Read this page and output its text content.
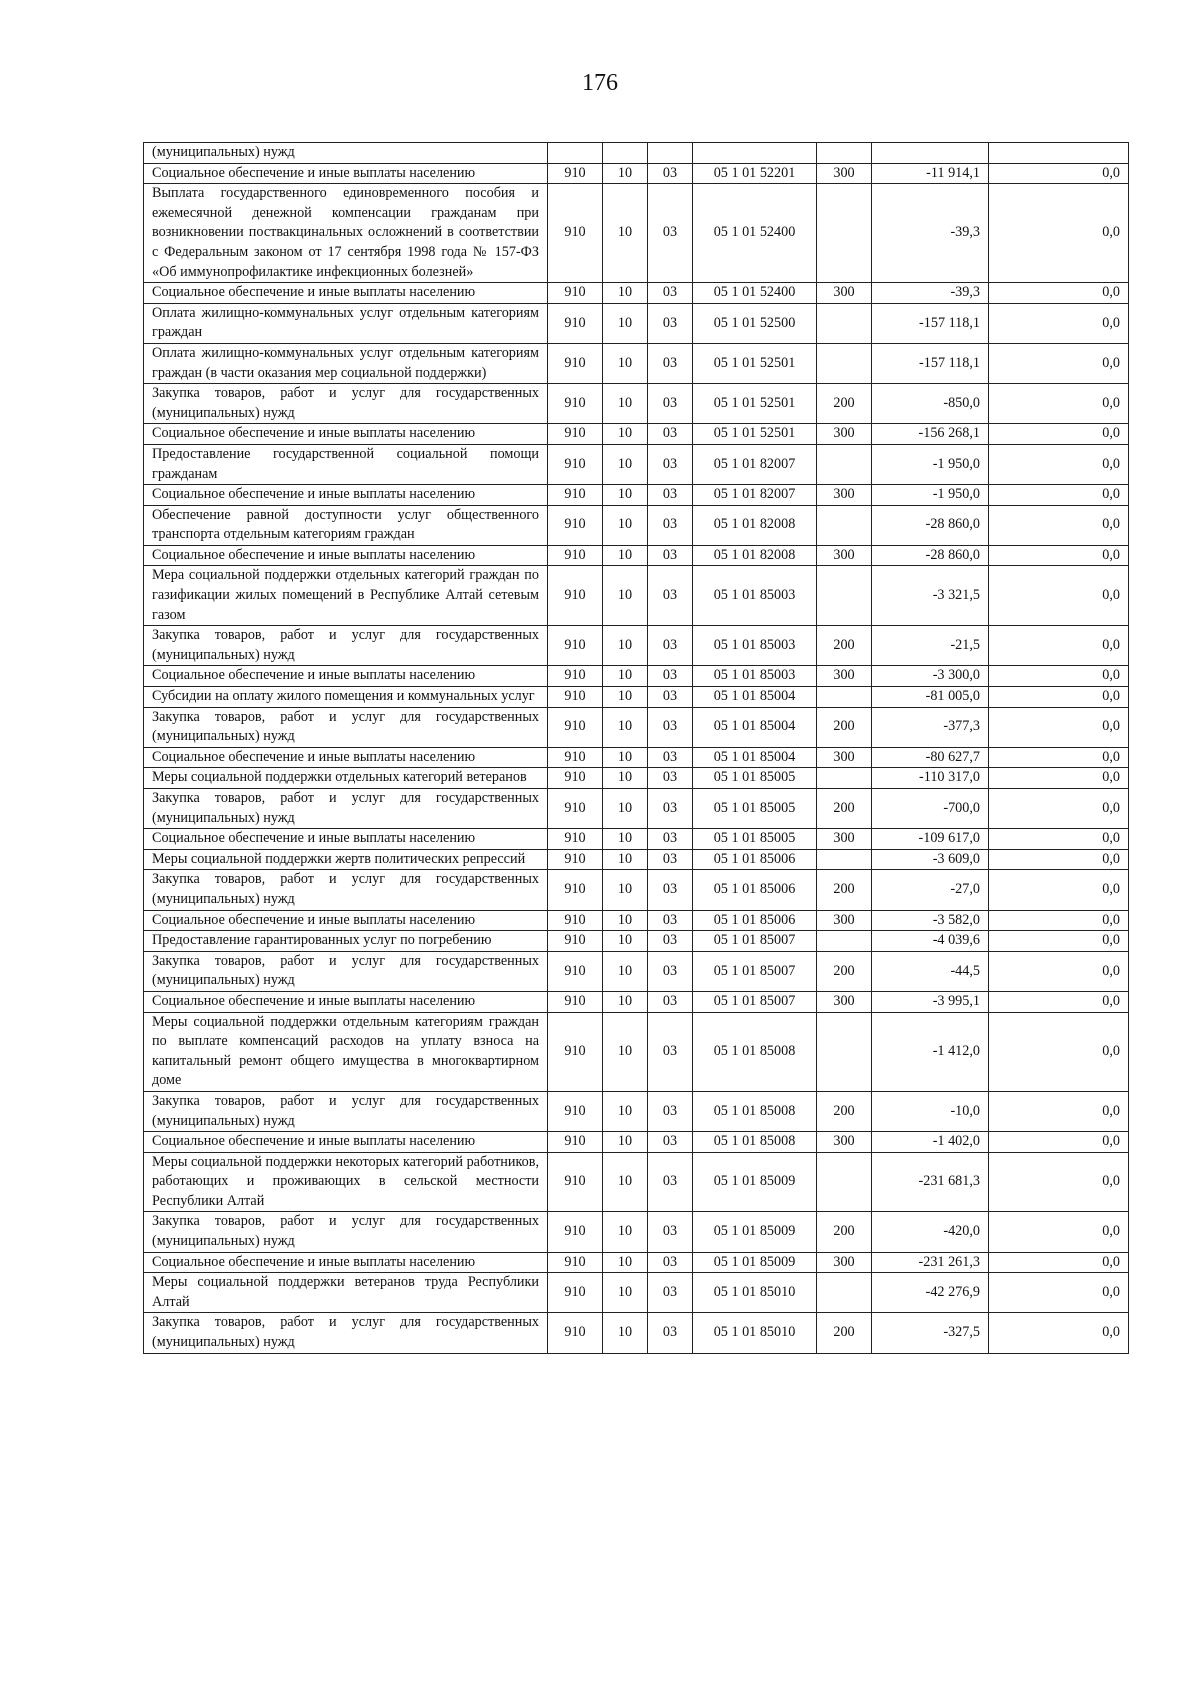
176
(муниципальных) нужд							
Социальное обеспечение и иные выплаты населению	910	10	03	05 1 01 52201	300	-11 914,1	0,0
Выплата государственного единовременного пособия и ежемесячной денежной компенсации гражданам при возникновении поствакцинальных осложнений в соответствии с Федеральным законом от 17 сентября 1998 года № 157-ФЗ «Об иммунопрофилактике инфекционных болезней»	910	10	03	05 1 01 52400		-39,3	0,0
Социальное обеспечение и иные выплаты населению	910	10	03	05 1 01 52400	300	-39,3	0,0
Оплата жилищно-коммунальных услуг отдельным категориям граждан	910	10	03	05 1 01 52500		-157 118,1	0,0
Оплата жилищно-коммунальных услуг отдельным категориям граждан (в части оказания мер социальной поддержки)	910	10	03	05 1 01 52501		-157 118,1	0,0
Закупка товаров, работ и услуг для государственных (муниципальных) нужд	910	10	03	05 1 01 52501	200	-850,0	0,0
Социальное обеспечение и иные выплаты населению	910	10	03	05 1 01 52501	300	-156 268,1	0,0
Предоставление государственной социальной помощи гражданам	910	10	03	05 1 01 82007		-1 950,0	0,0
Социальное обеспечение и иные выплаты населению	910	10	03	05 1 01 82007	300	-1 950,0	0,0
Обеспечение равной доступности услуг общественного транспорта отдельным категориям граждан	910	10	03	05 1 01 82008		-28 860,0	0,0
Социальное обеспечение и иные выплаты населению	910	10	03	05 1 01 82008	300	-28 860,0	0,0
Мера социальной поддержки отдельных категорий граждан по газификации жилых помещений в Республике Алтай сетевым газом	910	10	03	05 1 01 85003		-3 321,5	0,0
Закупка товаров, работ и услуг для государственных (муниципальных) нужд	910	10	03	05 1 01 85003	200	-21,5	0,0
Социальное обеспечение и иные выплаты населению	910	10	03	05 1 01 85003	300	-3 300,0	0,0
Субсидии на оплату жилого помещения и коммунальных услуг	910	10	03	05 1 01 85004		-81 005,0	0,0
Закупка товаров, работ и услуг для государственных (муниципальных) нужд	910	10	03	05 1 01 85004	200	-377,3	0,0
Социальное обеспечение и иные выплаты населению	910	10	03	05 1 01 85004	300	-80 627,7	0,0
Меры социальной поддержки отдельных категорий ветеранов	910	10	03	05 1 01 85005		-110 317,0	0,0
Закупка товаров, работ и услуг для государственных (муниципальных) нужд	910	10	03	05 1 01 85005	200	-700,0	0,0
Социальное обеспечение и иные выплаты населению	910	10	03	05 1 01 85005	300	-109 617,0	0,0
Меры социальной поддержки жертв политических репрессий	910	10	03	05 1 01 85006		-3 609,0	0,0
Закупка товаров, работ и услуг для государственных (муниципальных) нужд	910	10	03	05 1 01 85006	200	-27,0	0,0
Социальное обеспечение и иные выплаты населению	910	10	03	05 1 01 85006	300	-3 582,0	0,0
Предоставление гарантированных услуг по погребению	910	10	03	05 1 01 85007		-4 039,6	0,0
Закупка товаров, работ и услуг для государственных (муниципальных) нужд	910	10	03	05 1 01 85007	200	-44,5	0,0
Социальное обеспечение и иные выплаты населению	910	10	03	05 1 01 85007	300	-3 995,1	0,0
Меры социальной поддержки отдельным категориям граждан по выплате компенсаций расходов на уплату взноса на капитальный ремонт общего имущества в многоквартирном доме	910	10	03	05 1 01 85008		-1 412,0	0,0
Закупка товаров, работ и услуг для государственных (муниципальных) нужд	910	10	03	05 1 01 85008	200	-10,0	0,0
Социальное обеспечение и иные выплаты населению	910	10	03	05 1 01 85008	300	-1 402,0	0,0
Меры социальной поддержки некоторых категорий работников, работающих и проживающих в сельской местности Республики Алтай	910	10	03	05 1 01 85009		-231 681,3	0,0
Закупка товаров, работ и услуг для государственных (муниципальных) нужд	910	10	03	05 1 01 85009	200	-420,0	0,0
Социальное обеспечение и иные выплаты населению	910	10	03	05 1 01 85009	300	-231 261,3	0,0
Меры социальной поддержки ветеранов труда Республики Алтай	910	10	03	05 1 01 85010		-42 276,9	0,0
Закупка товаров, работ и услуг для государственных (муниципальных) нужд	910	10	03	05 1 01 85010	200	-327,5	0,0
